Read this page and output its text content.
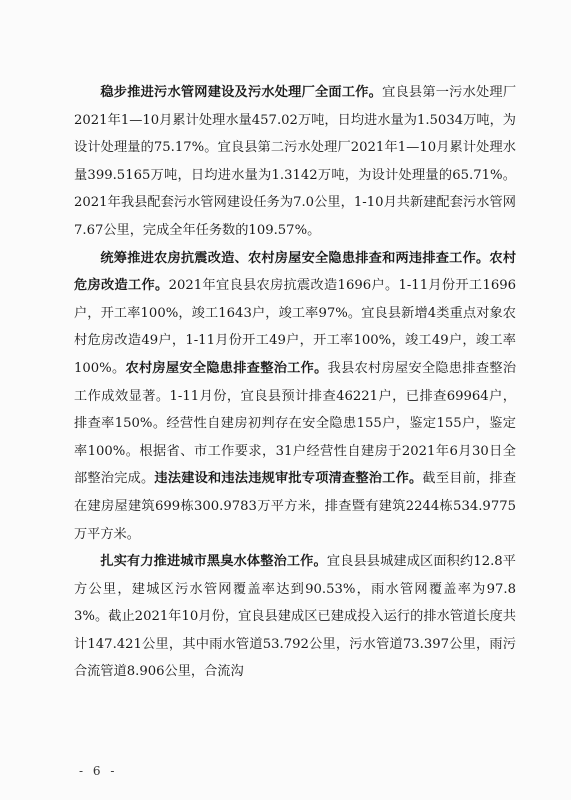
稳步推进污水管网建设及污水处理厂全面工作。宜良县第一污水处理厂2021年1—10月累计处理水量457.02万吨，日均进水量为1.5034万吨，为设计处理量的75.17%。宜良县第二污水处理厂2021年1—10月累计处理水量399.5165万吨，日均进水量为1.3142万吨，为设计处理量的65.71%。2021年我县配套污水管网建设任务为7.0公里，1-10月共新建配套污水管网7.67公里，完成全年任务数的109.57%。

统筹推进农房抗震改造、农村房屋安全隐患排查和两违排查工作。农村危房改造工作。2021年宜良县农房抗震改造1696户。1-11月份开工1696户，开工率100%，竣工1643户，竣工率97%。宜良县新增4类重点对象农村危房改造49户，1-11月份开工49户，开工率100%，竣工49户，竣工率100%。农村房屋安全隐患排查整治工作。我县农村房屋安全隐患排查整治工作成效显著。1-11月份，宜良县预计排查46221户，已排查69964户，排查率150%。经营性自建房初判存在安全隐患155户，鉴定155户，鉴定率100%。根据省、市工作要求，31户经营性自建房于2021年6月30日全部整治完成。违法建设和违法违规审批专项清查整治工作。截至目前，排查在建房屋建筑699栋300.9783万平方米，排查暨有建筑2244栋534.9775万平方米。

扎实有力推进城市黑臭水体整治工作。宜良县县城建成区面积约12.8平方公里，建城区污水管网覆盖率达到90.53%，雨水管网覆盖率为97.83%。截止2021年10月份，宜良县建成区已建成投入运行的排水管道长度共计147.421公里，其中雨水管道53.792公里，污水管道73.397公里，雨污合流管道8.906公里，合流沟

- 6 -
